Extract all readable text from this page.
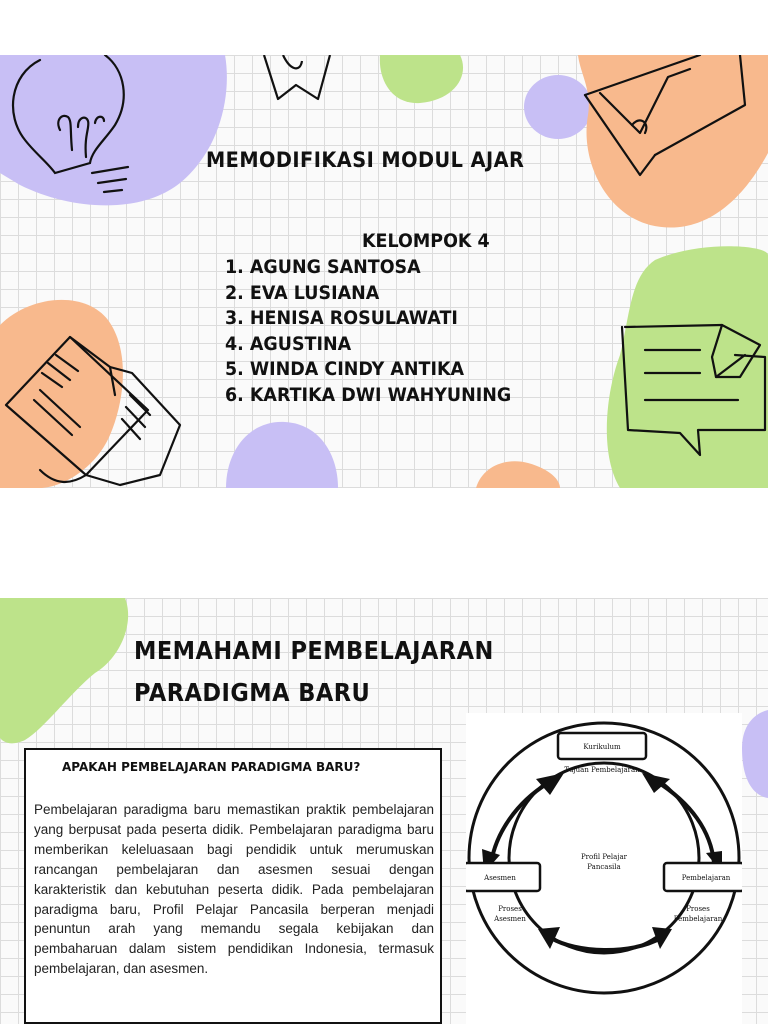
MEMODIFIKASI MODUL AJAR
KELOMPOK 4
1. AGUNG SANTOSA
2. EVA LUSIANA
3. HENISA ROSULAWATI
4. AGUSTINA
5. WINDA CINDY ANTIKA
6. KARTIKA DWI WAHYUNING
MEMAHAMI PEMBELAJARAN
PARADIGMA BARU

APAKAH PEMBELAJARAN PARADIGMA BARU?

Pembelajaran paradigma baru memastikan praktik pembelajaran yang berpusat pada peserta didik. Pembelajaran paradigma baru memberikan keleluasaan bagi pendidik untuk merumuskan rancangan pembelajaran dan asesmen sesuai dengan karakteristik dan kebutuhan peserta didik. Pada pembelajaran paradigma baru, Profil Pelajar Pancasila berperan menjadi penuntun arah yang memandu segala kebijakan dan pembaharuan dalam sistem pendidikan Indonesia, termasuk pembelajaran, dan asesmen.

Kurikulum
Tujuan Pembelajaran
Profil Pelajar
Pancasila
Asesmen	Pembelajaran
Proses
Asesmen
Proses
Pembelajaran
